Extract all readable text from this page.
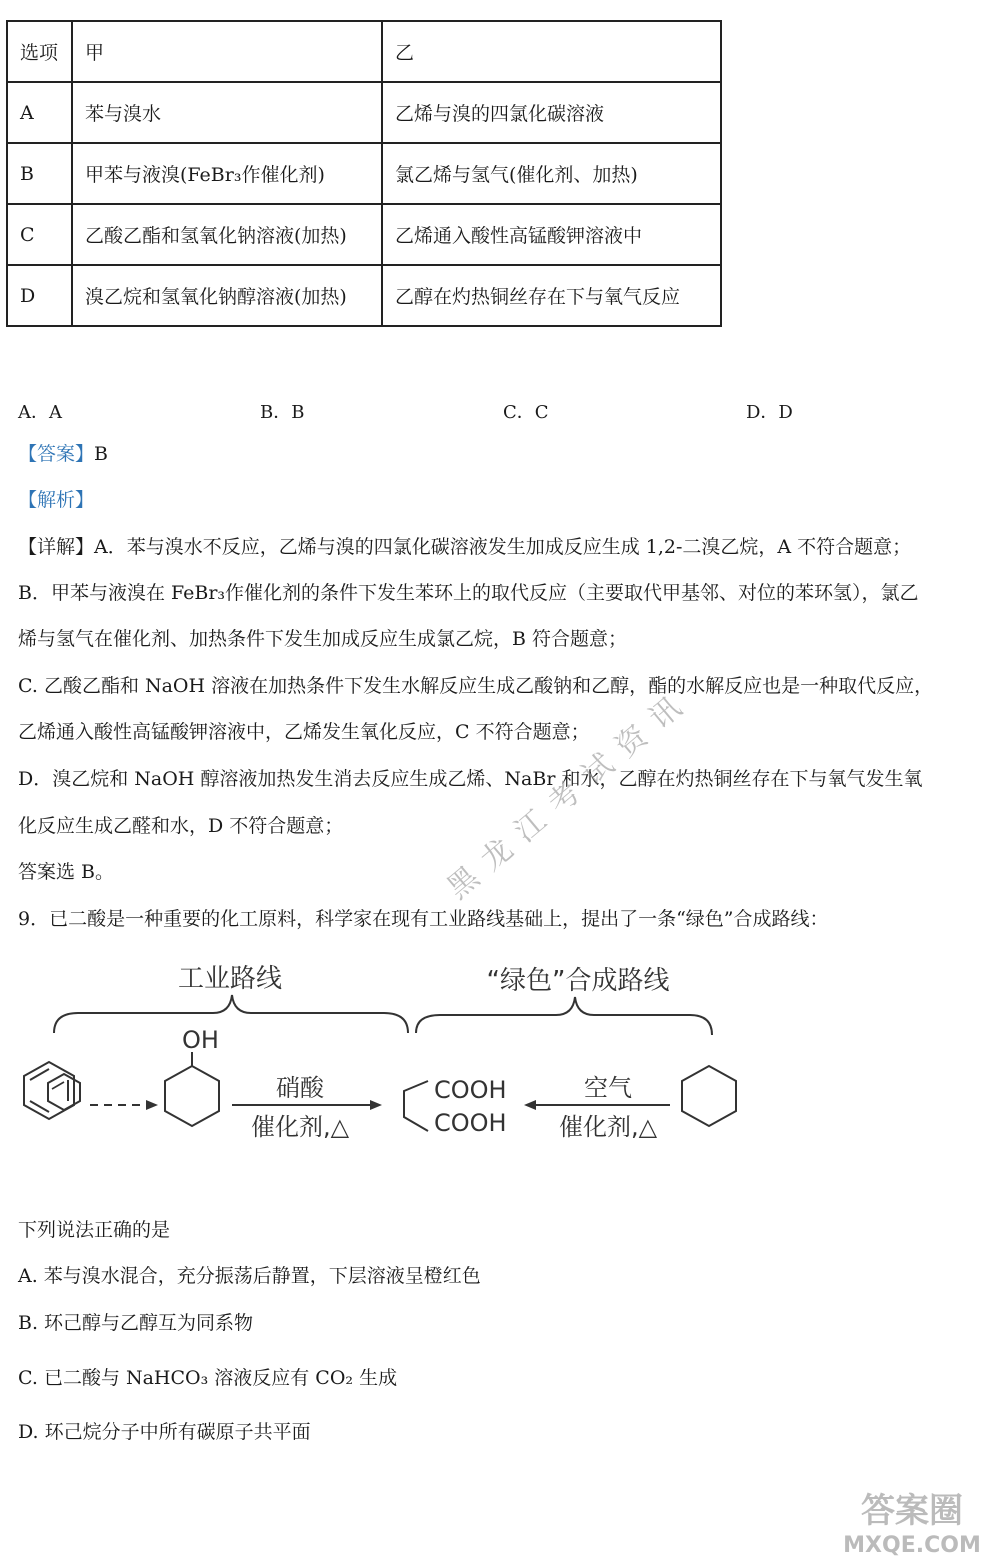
选项	甲	乙
A	苯与溴水	乙烯与溴的四氯化碳溶液
B	甲苯与液溴(FeBr₃作催化剂)	氯乙烯与氢气(催化剂、加热)
C	乙酸乙酯和氢氧化钠溶液(加热)	乙烯通入酸性高锰酸钾溶液中
D	溴乙烷和氢氧化钠醇溶液(加热)	乙醇在灼热铜丝存在下与氧气反应
A．A	B．B	C．C	D．D
【答案】B
【解析】
【详解】A．苯与溴水不反应，乙烯与溴的四氯化碳溶液发生加成反应生成 1,2-二溴乙烷，A 不符合题意；
B．甲苯与液溴在 FeBr₃作催化剂的条件下发生苯环上的取代反应（主要取代甲基邻、对位的苯环氢），氯乙
烯与氢气在催化剂、加热条件下发生加成反应生成氯乙烷，B 符合题意；
C. 乙酸乙酯和 NaOH 溶液在加热条件下发生水解反应生成乙酸钠和乙醇，酯的水解反应也是一种取代反应，
乙烯通入酸性高锰酸钾溶液中，乙烯发生氧化反应，C 不符合题意；
D．溴乙烷和 NaOH 醇溶液加热发生消去反应生成乙烯、NaBr 和水，乙醇在灼热铜丝存在下与氧气发生氧
化反应生成乙醛和水，D 不符合题意；
答案选 B。
9．已二酸是一种重要的化工原料，科学家在现有工业路线基础上，提出了一条“绿色”合成路线：
工业路线	“绿色”合成路线
OH
硝酸
催化剂,△
COOH
COOH
空气
催化剂,△
下列说法正确的是
A. 苯与溴水混合，充分振荡后静置，下层溶液呈橙红色
B. 环己醇与乙醇互为同系物
C. 已二酸与 NaHCO₃ 溶液反应有 CO₂ 生成
D. 环己烷分子中所有碳原子共平面
黑龙江考试资讯
答案圈
MXQE.COM
